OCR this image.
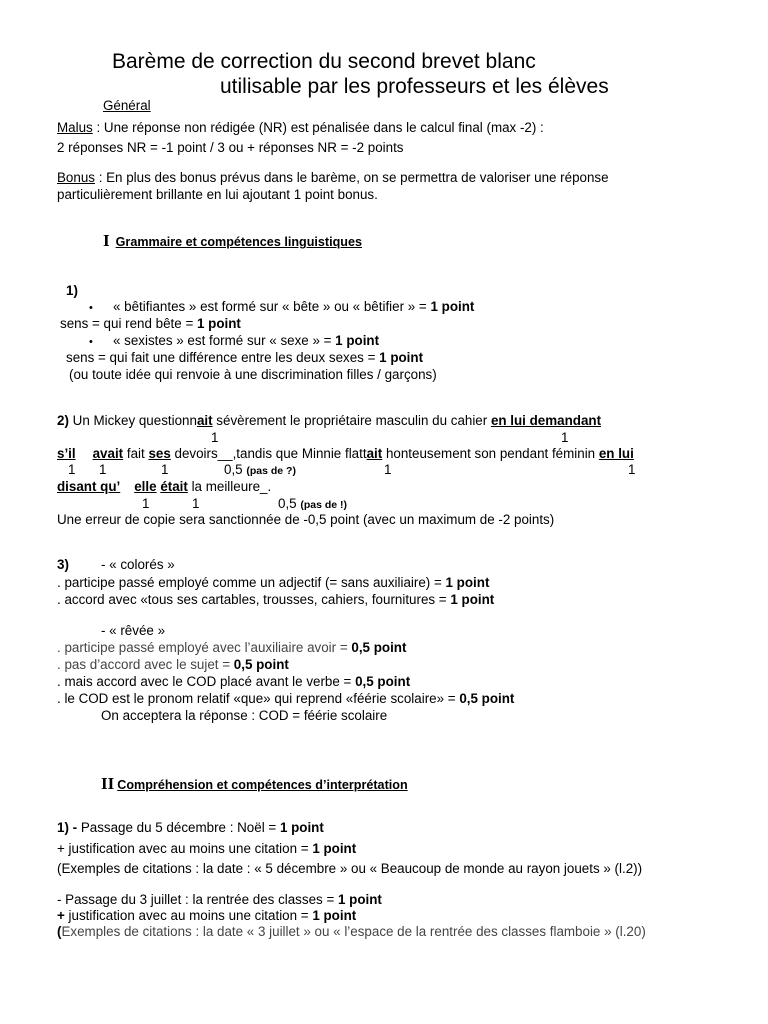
Barème de correction du second brevet blanc
utilisable par les professeurs et les élèves
Général
Malus : Une réponse non rédigée (NR) est pénalisée dans le calcul final (max -2) :
2 réponses NR = -1 point / 3 ou + réponses NR = -2 points
Bonus : En plus des bonus prévus dans le barème, on se permettra de valoriser une réponse
particulièrement brillante en lui ajoutant 1 point bonus.
I Grammaire et compétences linguistiques
1)
• « bêtifiantes » est formé sur « bête » ou « bêtifier » = 1 point
sens = qui rend bête = 1 point
• « sexistes » est formé sur « sexe » = 1 point
sens = qui fait une différence entre les deux sexes = 1 point
(ou toute idée qui renvoie à une discrimination filles / garçons)
2) Un Mickey questionnait sévèrement le propriétaire masculin du cahier en lui demandant
1	1
s’il avait fait ses devoirs__,tandis que Minnie flattait honteusement son pendant féminin en lui
1 1	1	0,5 (pas de ?)	1	1
disant qu’ elle était la meilleure_.
1	1	0,5 (pas de !)
Une erreur de copie sera sanctionnée de -0,5 point (avec un maximum de -2 points)
3) - « colorés »
. participe passé employé comme un adjectif (= sans auxiliaire) = 1 point
. accord avec «tous ses cartables, trousses, cahiers, fournitures = 1 point
- « rêvée »
. participe passé employé avec l’auxiliaire avoir = 0,5 point
. pas d’accord avec le sujet = 0,5 point
. mais accord avec le COD placé avant le verbe = 0,5 point
. le COD est le pronom relatif «que» qui reprend «féérie scolaire» = 0,5 point
On acceptera la réponse : COD = féérie scolaire
II Compréhension et compétences d’interprétation
1) - Passage du 5 décembre : Noël = 1 point
+ justification avec au moins une citation = 1 point
(Exemples de citations : la date : « 5 décembre » ou « Beaucoup de monde au rayon jouets » (l.2))
- Passage du 3 juillet : la rentrée des classes = 1 point
+ justification avec au moins une citation = 1 point
(Exemples de citations : la date « 3 juillet » ou « l’espace de la rentrée des classes flamboie » (l.20)
